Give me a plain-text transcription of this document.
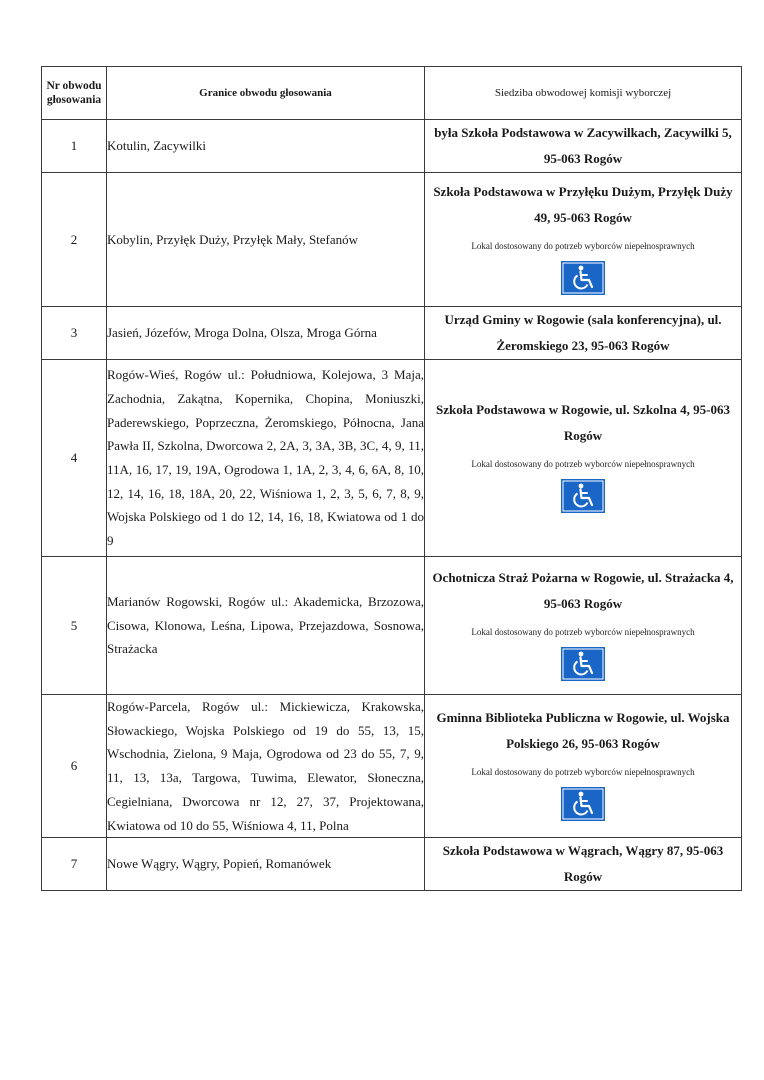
Nr obwodu głosowania	Granice obwodu głosowania	Siedziba obwodowej komisji wyborczej
1	Kotulin, Zacywilki	była Szkoła Podstawowa w Zacywilkach, Zacywilki 5, 95-063 Rogów

2	Kobylin, Przyłęk Duży, Przyłęk Mały, Stefanów	Szkoła Podstawowa w Przyłęku Dużym, Przyłęk Duży 49, 95-063 Rogów
Lokal dostosowany do potrzeb wyborców niepełnosprawnych

3	Jasień, Józefów, Mroga Dolna, Olsza, Mroga Górna	Urząd Gminy w Rogowie (sala konferencyjna), ul. Żeromskiego 23, 95-063 Rogów

4	Rogów-Wieś, Rogów ul.: Południowa, Kolejowa, 3 Maja, Zachodnia, Zakątna, Kopernika, Chopina, Moniuszki, Paderewskiego, Poprzeczna, Żeromskiego, Północna, Jana Pawła II, Szkolna, Dworcowa 2, 2A, 3, 3A, 3B, 3C, 4, 9, 11, 11A, 16, 17, 19, 19A, Ogrodowa 1, 1A, 2, 3, 4, 6, 6A, 8, 10, 12, 14, 16, 18, 18A, 20, 22, Wiśniowa 1, 2, 3, 5, 6, 7, 8, 9, Wojska Polskiego od 1 do 12, 14, 16, 18, Kwiatowa od 1 do 9	Szkoła Podstawowa w Rogowie, ul. Szkolna 4, 95-063 Rogów
Lokal dostosowany do potrzeb wyborców niepełnosprawnych

5	Marianów Rogowski, Rogów ul.: Akademicka, Brzozowa, Cisowa, Klonowa, Leśna, Lipowa, Przejazdowa, Sosnowa, Strażacka	Ochotnicza Straż Pożarna w Rogowie, ul. Strażacka 4, 95-063 Rogów
Lokal dostosowany do potrzeb wyborców niepełnosprawnych

6	Rogów-Parcela, Rogów ul.: Mickiewicza, Krakowska, Słowackiego, Wojska Polskiego od 19 do 55, 13, 15, Wschodnia, Zielona, 9 Maja, Ogrodowa od 23 do 55, 7, 9, 11, 13, 13a, Targowa, Tuwima, Elewator, Słoneczna, Cegielniana, Dworcowa nr 12, 27, 37, Projektowana, Kwiatowa od 10 do 55, Wiśniowa 4, 11, Polna	Gminna Biblioteka Publiczna w Rogowie, ul. Wojska Polskiego 26, 95-063 Rogów
Lokal dostosowany do potrzeb wyborców niepełnosprawnych

7	Nowe Wągry, Wągry, Popień, Romanówek	Szkoła Podstawowa w Wągrach, Wągry 87, 95-063 Rogów
